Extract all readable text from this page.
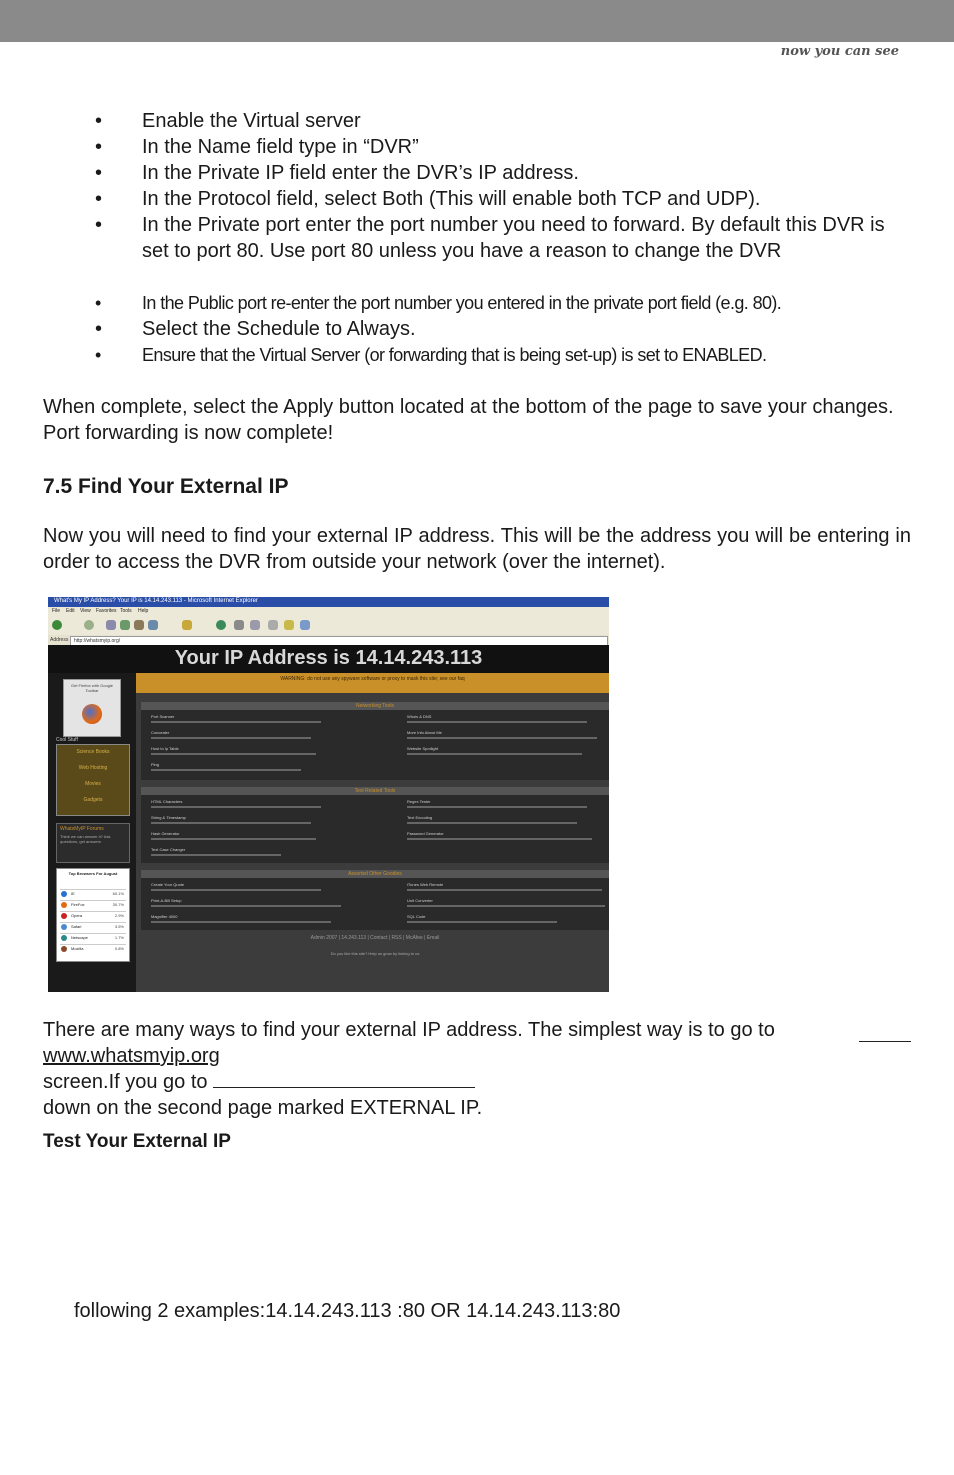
now you can see
• Enable the Virtual server
• In the Name field type in “DVR”
• In the Private IP field enter the DVR’s IP address.
• In the Protocol field, select Both (This will enable both TCP and UDP).
• In the Private port enter the port number you need to forward. By default this DVR is set to port 80. Use port 80 unless you have a reason to change the DVR
• In the Public port re-enter the port number you entered in the private port field (e.g. 80).
• Select the Schedule to Always.
• Ensure that the Virtual Server (or forwarding that is being set-up) is set to ENABLED.
When complete, select the Apply button located at the bottom of the page to save your changes. Port forwarding is now complete!
7.5 Find Your External IP
Now you will need to find your external IP address. This will be the address you will be entering in order to access the DVR from outside your network (over the internet).
What's My IP Address? Your IP is 14.14.243.113 - Microsoft Internet Explorer
File Edit View Favorites Tools Help
Address http://whatsmyip.org/
Your IP Address is 14.14.243.113
WARNING: do not use any spyware software or proxy to mask this site; see our faq
Get Firefox with Google Toolbar
Cool Stuff
Science Books
Web Hosting
Movies
Gadgets
WhatsMyIP Forums
Think we can answer it? Ask questions, get answers
Top Browsers For August
IE	60.1%
FireFox	30.7%
Opera	2.9%
Safari	3.5%
Netscape	1.7%
Mozilla	0.8%
Networking Tools
Port Scanner
Concealer
Host to Ip Table
Ping
Whois & DNS
More Info About Me
Website Spotlight
Text Related Tools
HTML Characters
String & Timestamp
Hash Generator
Text Case Changer
Regex Tester
Text Encoding
Password Generator
Assorted Other Goodies
Create Your Quote
Print-A-Bill Setup
Magnifier 4000
iTunes Web Remote
Unit Converter
SQL Code
Admin 2007 | 14.243.113 | Contact | RSS | McAfee | Email
Do you like this site? Help us grow by linking to us
There are many ways to find your external IP address. The simplest way is to go to
www.whatsmyip.org
screen.If you go to
down on the second page marked EXTERNAL IP.
Test Your External IP
following 2 examples:14.14.243.113 :80 OR 14.14.243.113:80
